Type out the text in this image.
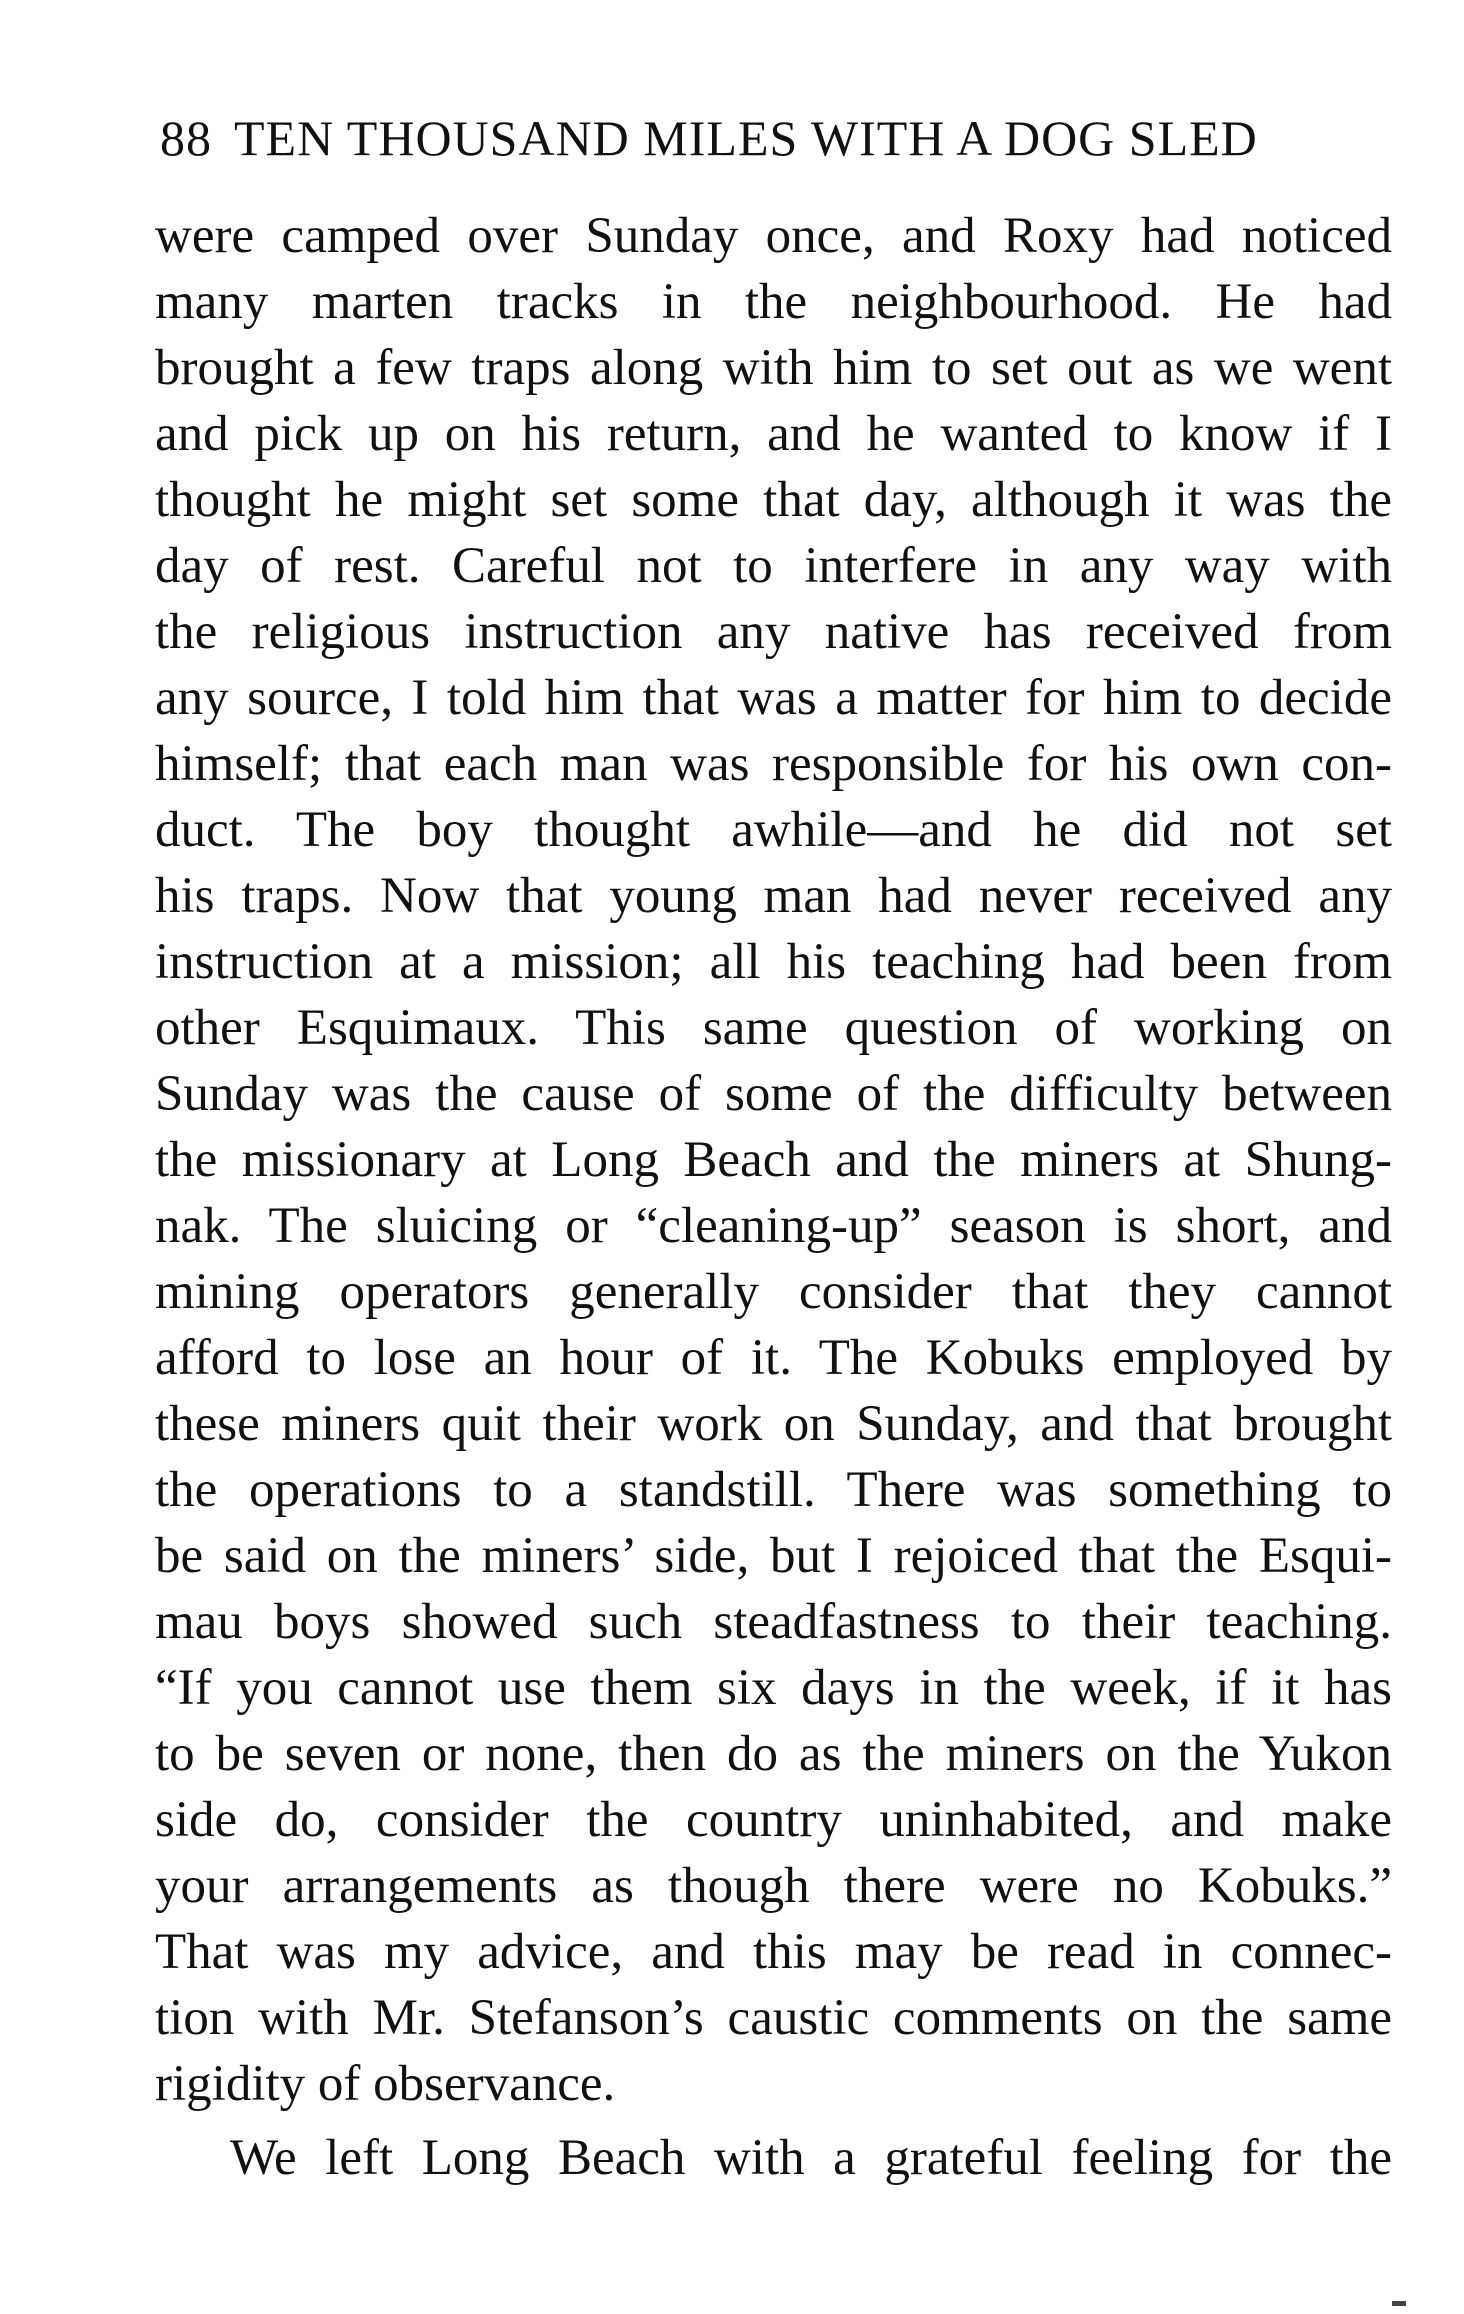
88 TEN THOUSAND MILES WITH A DOG SLED
were camped over Sunday once, and Roxy had noticed
many marten tracks in the neighbourhood. He had
brought a few traps along with him to set out as we went
and pick up on his return, and he wanted to know if I
thought he might set some that day, although it was the
day of rest. Careful not to interfere in any way with
the religious instruction any native has received from
any source, I told him that was a matter for him to decide
himself; that each man was responsible for his own con-
duct. The boy thought awhile—and he did not set
his traps. Now that young man had never received any
instruction at a mission; all his teaching had been from
other Esquimaux. This same question of working on
Sunday was the cause of some of the difficulty between
the missionary at Long Beach and the miners at Shung-
nak. The sluicing or “cleaning-up” season is short, and
mining operators generally consider that they cannot
afford to lose an hour of it. The Kobuks employed by
these miners quit their work on Sunday, and that brought
the operations to a standstill. There was something to
be said on the miners’ side, but I rejoiced that the Esqui-
mau boys showed such steadfastness to their teaching.
“If you cannot use them six days in the week, if it has
to be seven or none, then do as the miners on the Yukon
side do, consider the country uninhabited, and make
your arrangements as though there were no Kobuks.”
That was my advice, and this may be read in connec-
tion with Mr. Stefanson’s caustic comments on the same
rigidity of observance.
We left Long Beach with a grateful feeling for the
